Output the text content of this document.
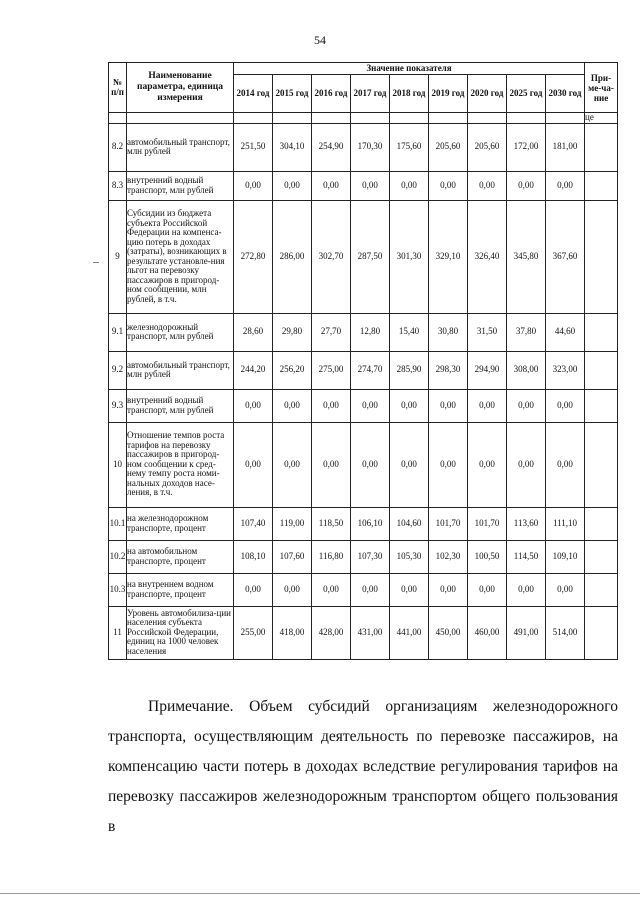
54
№ п/п	Наименование параметра, единица измерения	Значение показателя									При-ме-ча-ние
		2014 год	2015 год	2016 год	2017 год	2018 год	2019 год	2020 год	2025 год	2030 год	
											це
8.2	автомобильный транспорт, млн рублей	251,50	304,10	254,90	170,30	175,60	205,60	205,60	172,00	181,00	
8.3	внутренний водный транспорт, млн рублей	0,00	0,00	0,00	0,00	0,00	0,00	0,00	0,00	0,00	
9	Субсидии из бюджета субъекта Российской Федерации на компенса-цию потерь в доходах (затраты), возникающих в результате установле-ния льгот на перевозку пассажиров в пригород-ном сообщении, млн рублей, в т.ч.	272,80	286,00	302,70	287,50	301,30	329,10	326,40	345,80	367,60	
9.1	железнодорожный транспорт, млн рублей	28,60	29,80	27,70	12,80	15,40	30,80	31,50	37,80	44,60	
9.2	автомобильный транспорт, млн рублей	244,20	256,20	275,00	274,70	285,90	298,30	294,90	308,00	323,00	
9.3	внутренний водный транспорт, млн рублей	0,00	0,00	0,00	0,00	0,00	0,00	0,00	0,00	0,00	
10	Отношение темпов роста тарифов на перевозку пассажиров в пригород-ном сообщении к сред-нему темпу роста номи-нальных доходов насе-ления, в т.ч.	0,00	0,00	0,00	0,00	0,00	0,00	0,00	0,00	0,00	
10.1	на железнодорожном транспорте, процент	107,40	119,00	118,50	106,10	104,60	101,70	101,70	113,60	111,10	
10.2	на автомобильном транспорте, процент	108,10	107,60	116,80	107,30	105,30	102,30	100,50	114,50	109,10	
10.3	на внутреннем водном транспорте, процент	0,00	0,00	0,00	0,00	0,00	0,00	0,00	0,00	0,00	
11	Уровень автомобилиза-ции населения субъекта Российской Федерации, единиц на 1000 человек населения	255,00	418,00	428,00	431,00	441,00	450,00	460,00	491,00	514,00	
Примечание. Объем субсидий организациям железнодорожного транспорта, осуществляющим деятельность по перевозке пассажиров, на компенсацию части потерь в доходах вследствие регулирования тарифов на перевозку пассажиров железнодорожным транспортом общего пользования в
